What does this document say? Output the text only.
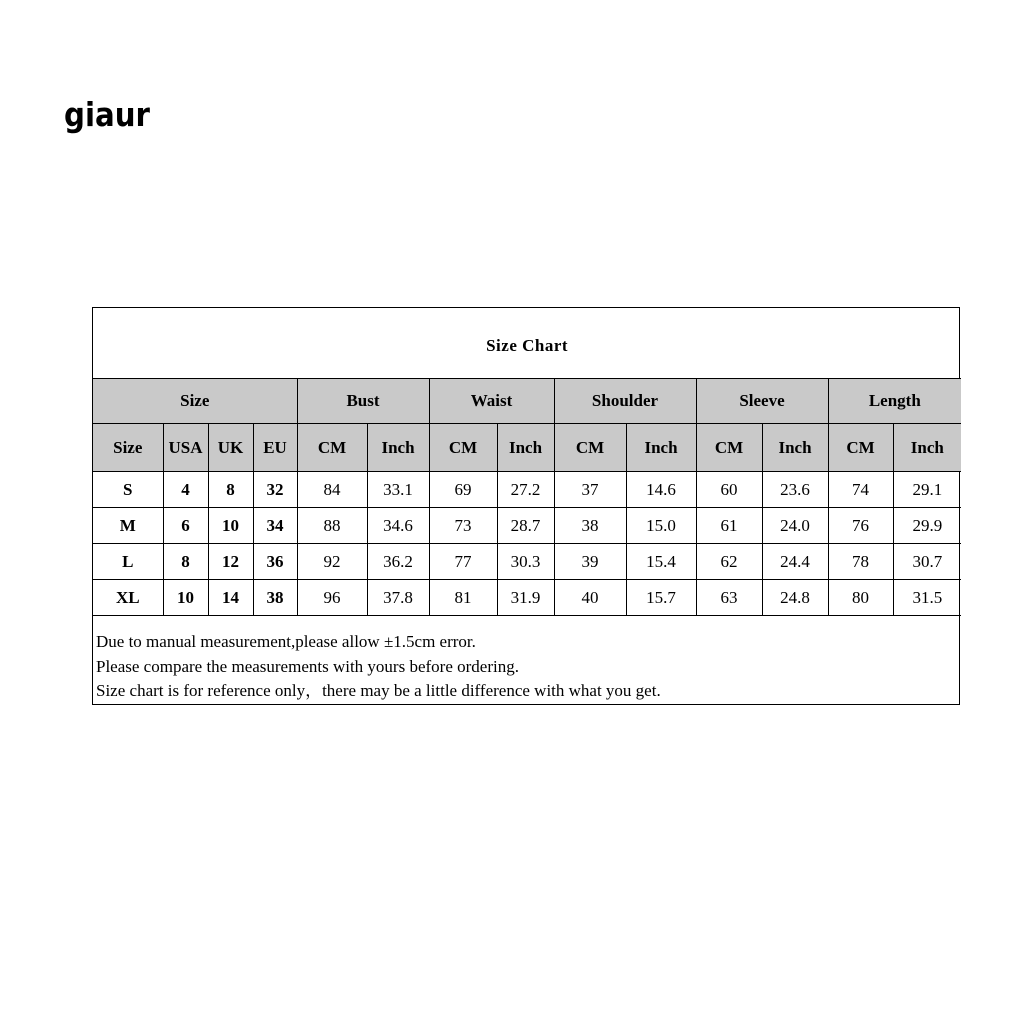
giaur
Size Chart													
Size				Bust		Waist		Shoulder		Sleeve		Length	
Size	USA	UK	EU	CM	Inch	CM	Inch	CM	Inch	CM	Inch	CM	Inch
S	4	8	32	84	33.1	69	27.2	37	14.6	60	23.6	74	29.1
M	6	10	34	88	34.6	73	28.7	38	15.0	61	24.0	76	29.9
L	8	12	36	92	36.2	77	30.3	39	15.4	62	24.4	78	30.7
XL	10	14	38	96	37.8	81	31.9	40	15.7	63	24.8	80	31.5
Due to manual measurement,please allow ±1.5cm error.
Please compare the measurements with yours before ordering.
Size chart is for reference only，there may be a little difference with what you get.
